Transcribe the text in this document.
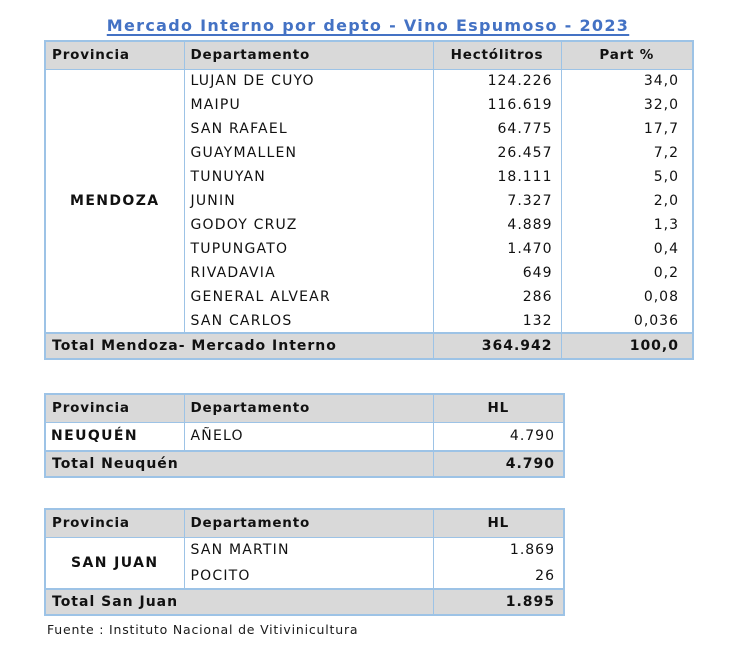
Mercado Interno por depto - Vino Espumoso - 2023
Provincia	Departamento	Hectólitros	Part %
MENDOZA	LUJAN DE CUYO	124.226	34,0
	MAIPU	116.619	32,0
	SAN RAFAEL	64.775	17,7
	GUAYMALLEN	26.457	7,2
	TUNUYAN	18.111	5,0
	JUNIN	7.327	2,0
	GODOY CRUZ	4.889	1,3
	TUPUNGATO	1.470	0,4
	RIVADAVIA	649	0,2
	GENERAL ALVEAR	286	0,08
	SAN CARLOS	132	0,036
Total Mendoza- Mercado Interno		364.942	100,0
Provincia	Departamento	HL
NEUQUÉN	AÑELO	4.790
Total Neuquén		4.790
Provincia	Departamento	HL
SAN JUAN	SAN MARTIN	1.869
	POCITO	26
Total San Juan		1.895
Fuente : Instituto Nacional de Vitivinicultura
